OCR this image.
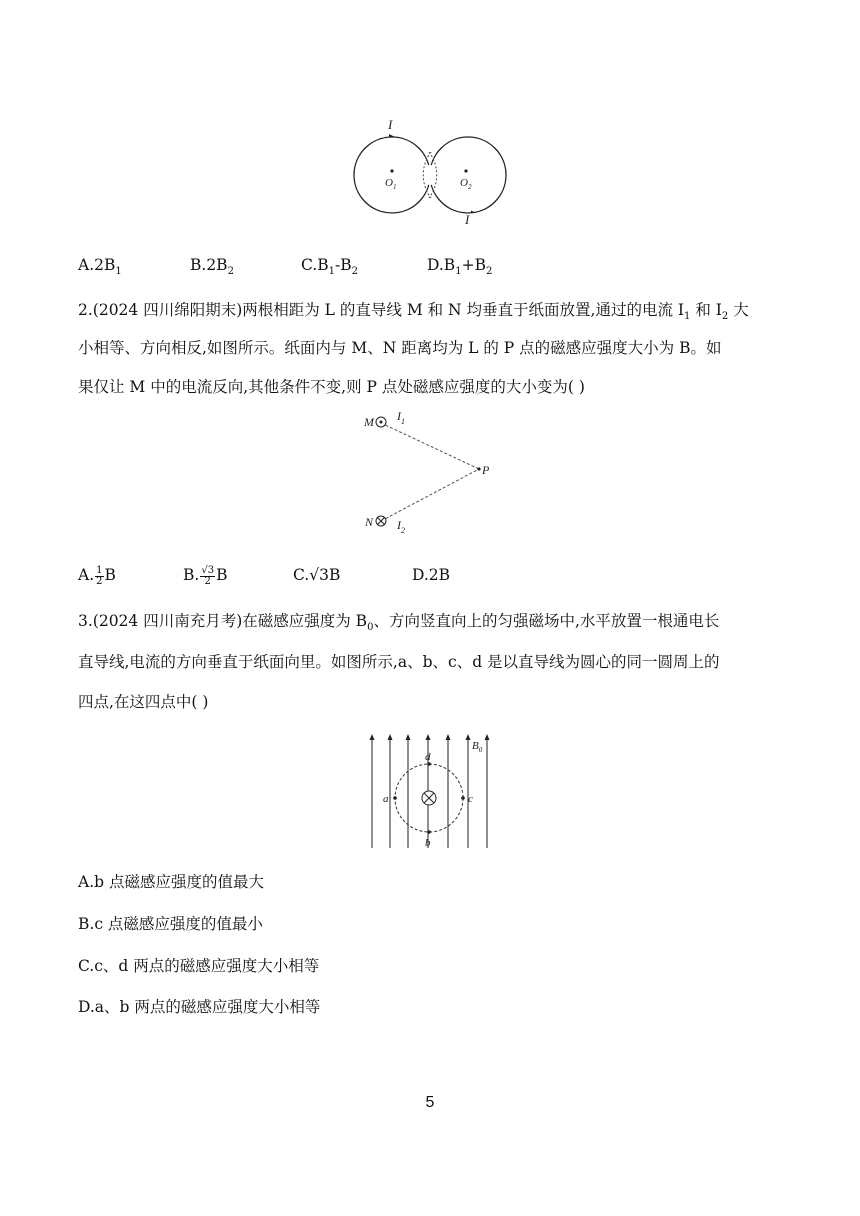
I
I
$O_1$	$O_2$
$A.2B_1$	$B.2B_2$	$C.B_1-B_2$	$D.B_1+B_2$
2.(2024 四川绵阳期末)两根相距为 L 的直导线 M 和 N 均垂直于纸面放置,通过的电流 $I_1$ 和 $I_2$ 大
小相等、方向相反,如图所示。纸面内与 M、N 距离均为 L 的 P 点的磁感应强度大小为 B。如
果仅让 M 中的电流反向,其他条件不变,则 P 点处磁感应强度的大小变为( )
M
N
P
$I_1$
$I_2$
A. $\frac{1}{2}$ B	B. $\frac{√3}{2}$ B	C.√3B	D.2B
3.(2024 四川南充月考)在磁感应强度为 $B_0$、方向竖直向上的匀强磁场中,水平放置一根通电长
直导线,电流的方向垂直于纸面向里。如图所示,a、b、c、d 是以直导线为圆心的同一圆周上的
四点,在这四点中( )
a	c
d
b
$B_0$
A.b 点磁感应强度的值最大
B.c 点磁感应强度的值最小
C.c、d 两点的磁感应强度大小相等
D.a、b 两点的磁感应强度大小相等
5
